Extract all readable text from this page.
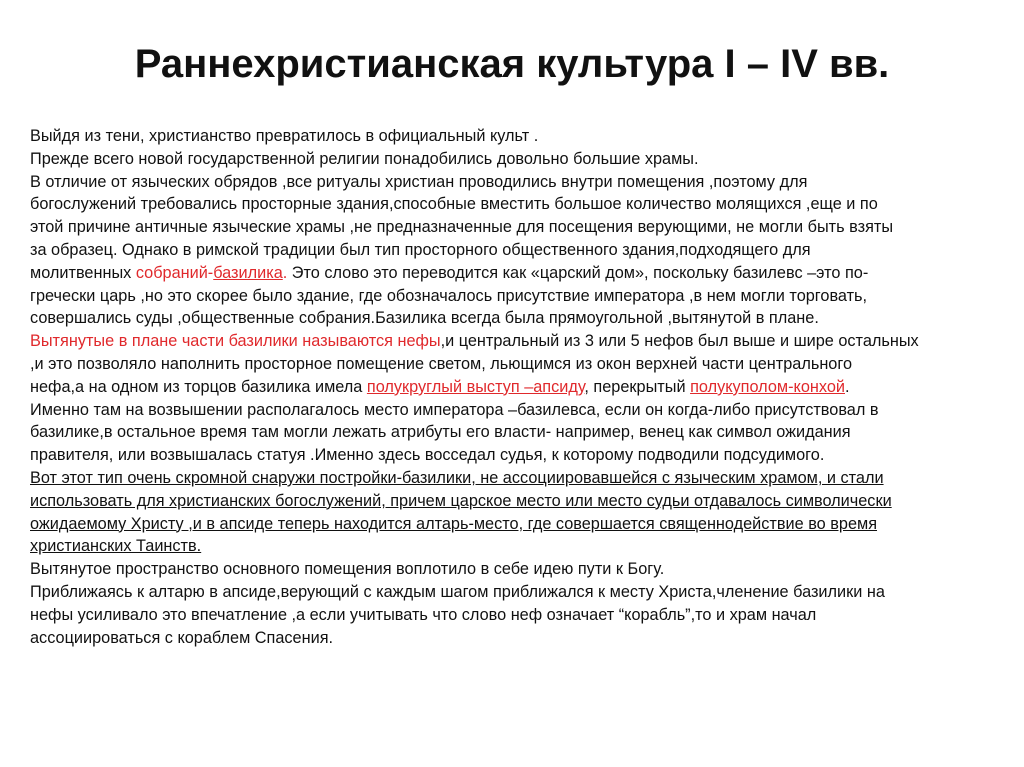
Раннехристианская культура I – IV вв.
Выйдя из тени, христианство превратилось в официальный культ .
Прежде всего новой государственной религии понадобились довольно большие храмы.
В отличие от языческих обрядов ,все ритуалы христиан проводились внутри помещения ,поэтому для
богослужений требовались просторные здания,способные вместить большое количество молящихся ,еще и по
этой причине античные языческие храмы ,не предназначенные для посещения верующими, не могли быть взяты
за образец. Однако в римской традиции был тип просторного общественного здания,подходящего для
молитвенных собраний-базилика. Это слово это переводится как «царский дом», поскольку базилевс –это по-
гречески царь ,но это скорее было здание, где обозначалось присутствие императора ,в нем могли торговать,
совершались суды ,общественные собрания.Базилика всегда была прямоугольной ,вытянутой в плане.
Вытянутые в плане части базилики называются нефы,и центральный из 3 или 5 нефов был выше и шире остальных
,и это позволяло наполнить просторное помещение светом, льющимся из окон верхней части центрального
нефа,а на одном из торцов базилика имела полукруглый выступ –апсиду, перекрытый полукуполом-конхой.
Именно там на возвышении располагалось место императора –базилевса, если он когда-либо присутствовал в
базилике,в остальное время там могли лежать атрибуты его власти- например, венец как символ ожидания
правителя, или возвышалась статуя .Именно здесь восседал судья, к которому подводили подсудимого.
Вот этот тип очень скромной снаружи постройки-базилики, не ассоциировавшейся с языческим храмом, и стали
использовать для христианских богослужений, причем царское место или место судьи отдавалось символически
ожидаемому Христу ,и в апсиде теперь находится алтарь-место, где совершается священнодействие во время
христианских Таинств.
Вытянутое пространство основного помещения воплотило в себе идею пути к Богу.
Приближаясь к алтарю в апсиде,верующий с каждым шагом приближался к месту Христа,членение базилики на
нефы усиливало это впечатление ,а если учитывать что слово неф означает “корабль”,то и храм начал
ассоциироваться с кораблем Спасения.
